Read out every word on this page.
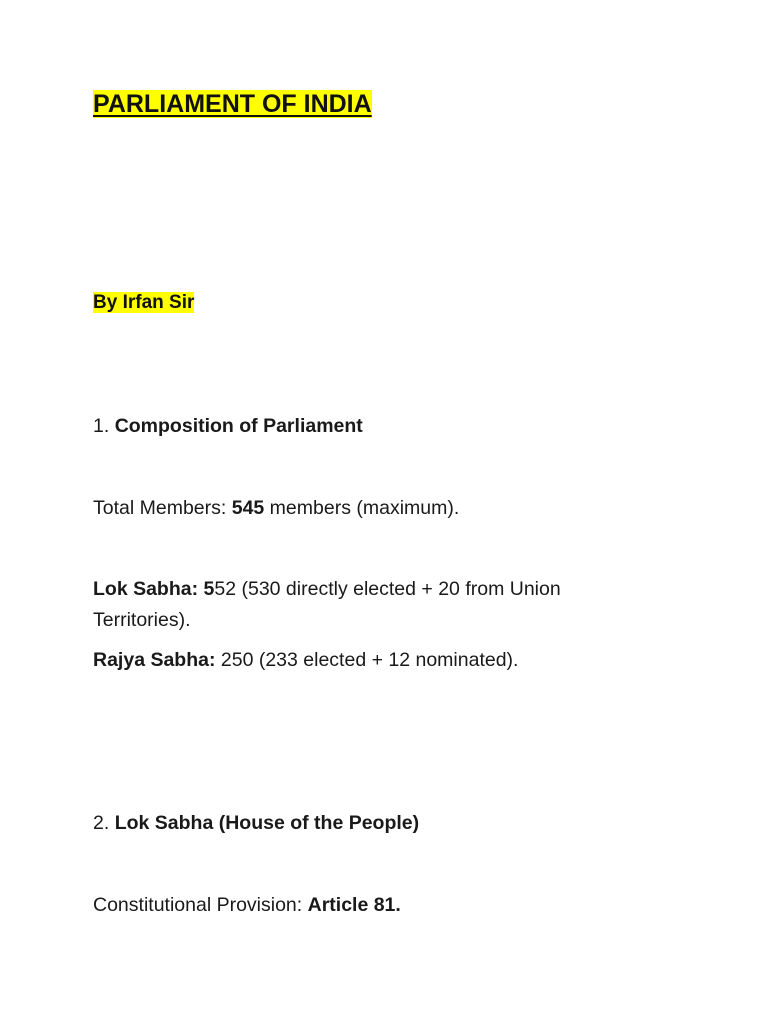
PARLIAMENT OF INDIA
By Irfan Sir
1. Composition of Parliament
Total Members: 545 members (maximum).
Lok Sabha: 552 (530 directly elected + 20 from Union
Territories).
Rajya Sabha: 250 (233 elected + 12 nominated).
2. Lok Sabha (House of the People)
Constitutional Provision: Article 81.
